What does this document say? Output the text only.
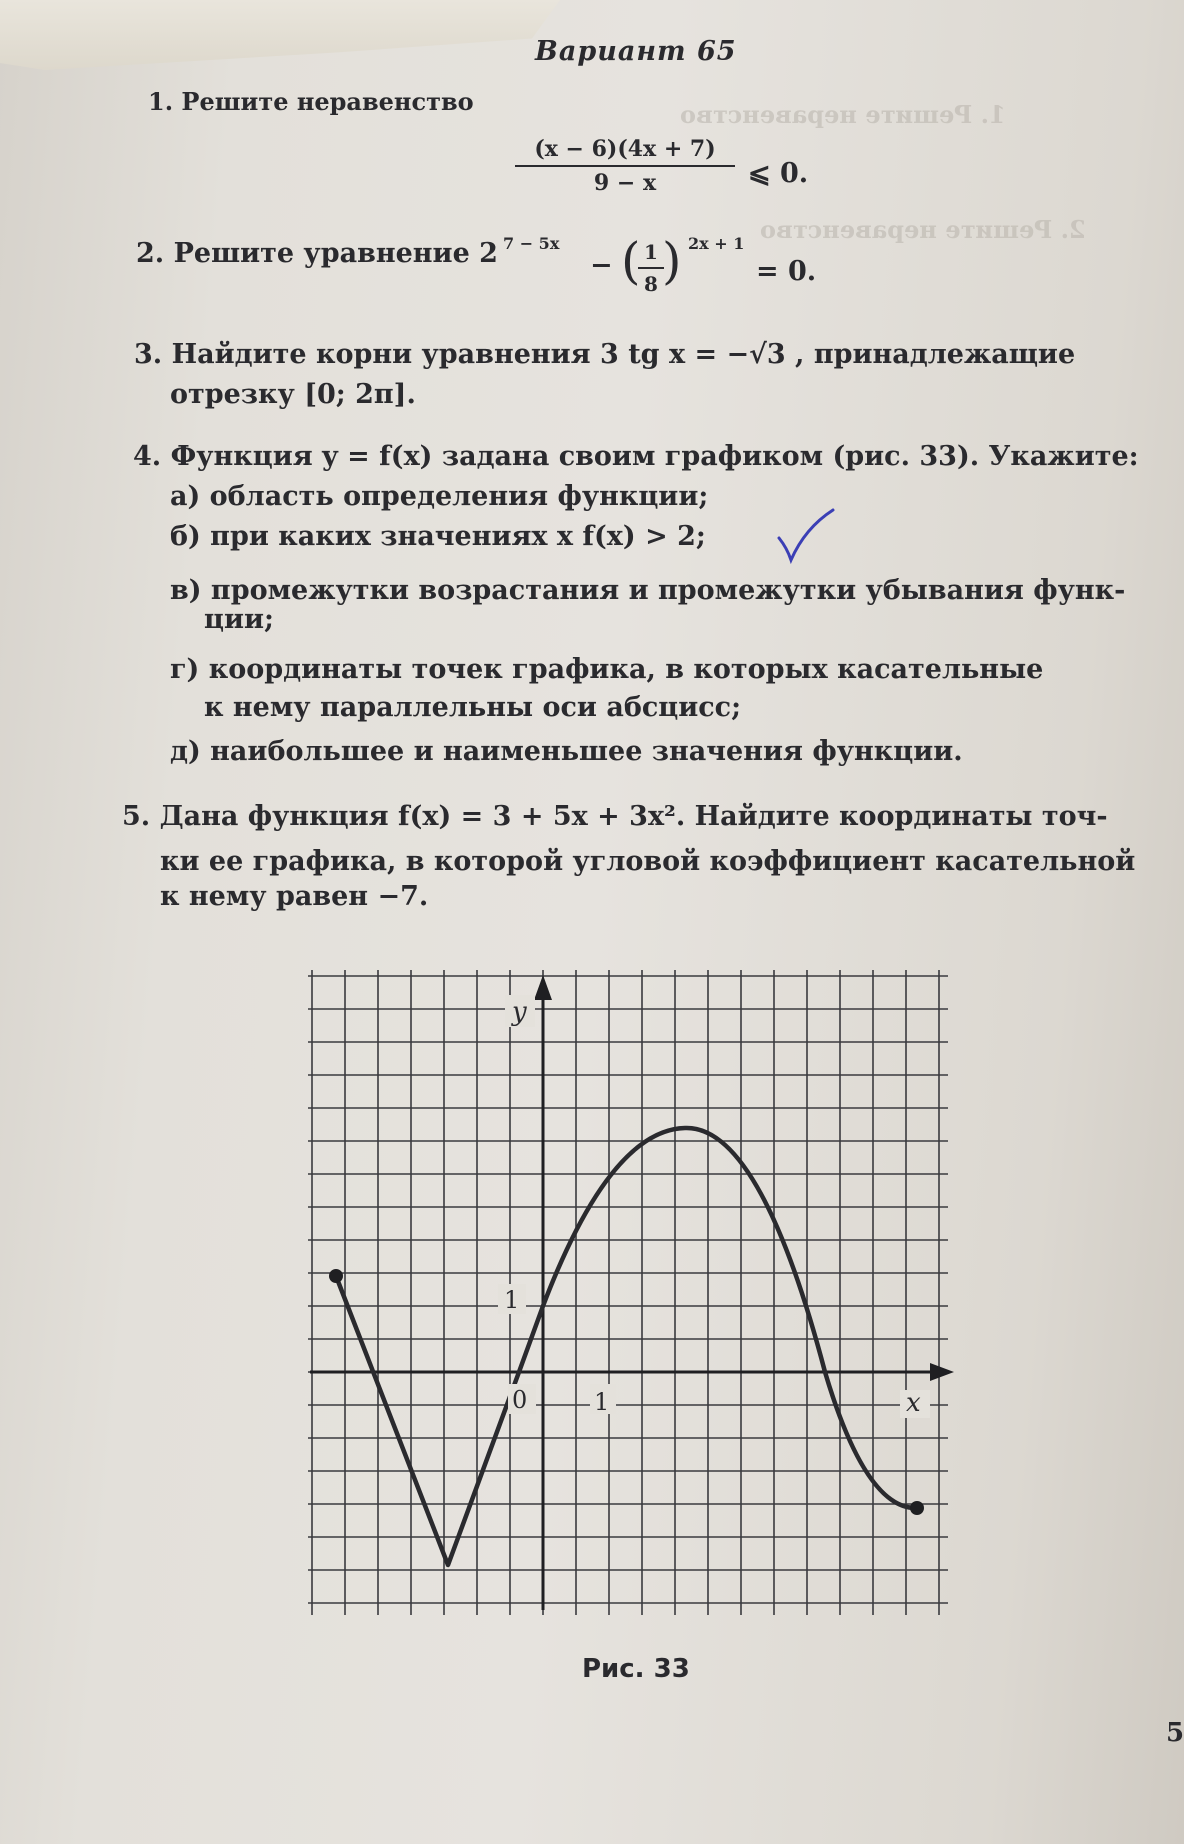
1. Решите неравенство
2. Решите неравенство
Вариант 65
1. Решите неравенство
(x − 6)(4x + 7)
9 − x	⩽ 0.
2. Решите уравнение 2 7 − 5x
− ( 1
8 ) 2x + 1
= 0.
3. Найдите корни уравнения 3 tg x = −√3 , принадлежащие
отрезку [0; 2π].
4. Функция y = f(x) задана своим графиком (рис. 33). Укажите:
а) область определения функции;
б) при каких значениях x f(x) > 2;
в) промежутки возрастания и промежутки убывания функ-
ции;
г) координаты точек графика, в которых касательные
к нему параллельны оси абсцисс;
д) наибольшее и наименьшее значения функции.
5. Дана функция f(x) = 3 + 5x + 3x². Найдите координаты точ-
ки ее графика, в которой угловой коэффициент касательной
к нему равен −7.
y
1
0	1	x
Рис. 33
5
